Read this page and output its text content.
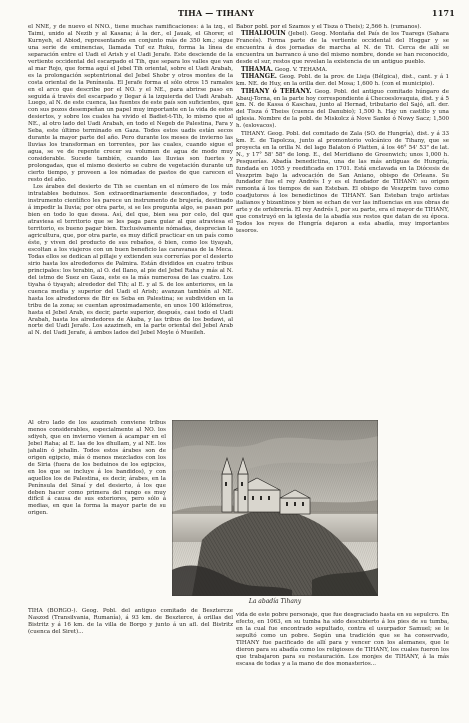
TIHA — TIHANY	1171

el NNE, y de nuevo el NNO., tiene muchas ramificaciones: á la izq., el Taimi, unido al Nezib y al Kasana; á la der., el Jauak, el Ghorer, el Kurnyeh, el Abiod, representando en conjunto más de 350 km.; sigue una serie de eminencias, llamada Tuf ez Ruku, forma la línea de separación entre el Uadi el Arish y el Uadi Jerafe. Este desciende de la vertiente occidental del escarpado el Tih, que separa los valles que van al mar Rojo, que forma aquí el Jebel Tih oriental, sobre el Uadi Arabah, es la prolongación septentrional del Jebel Shobr y otros montes de la costa oriental de la Península. El Jerafe forma el sólo otros 15 ramales en el arco que describe por el NO. y el NE., para abrirse paso en seguida á través del escarpado y llegar á la izquierda del Uadi Arabah. Luego, al N. de este cuenca, las fuentes de este país son suficientes, que con sus pozos desempeñan un papel muy importante en la vida de estos desiertos, y sobre los cuales ha vivido el Badiet-t-Tih, lo mismo que al NE., al otro lado del Uadi Arabah, en todo el Negeb de Palestina, Fara y Seba, este último terminado en Gaza. Todos estos uadis están secos durante la mayor parte del año. Pero durante los meses de invierno las lluvias los transforman en torrentes, por las cuales, cuando sigue el agua, se ve de repente crecer su volumen de agua de modo muy considerable. Sucede también, cuando las lluvias son fuertes y prolongadas, que el mismo desierto se cubre de vegetación durante un cierto tiempo, y proveen a los nómadas de pastos de que carecen el resto del año.

Los árabes del desierto de Tih se cuentan en el número de los más intratables beduinos. Son extraordinariamente desconfiados, y todo instrumento científico les parece un instrumento de brujería, destinado á impedir la lluvia; por otra parte, si se les pregunta algo, se pasan por bien en todo lo que desea. Así, del que, bien sea por celo, del que atraviesa el territorio que se les paga para guiar al que atraviesa el territorio, es bueno pagar bien. Exclusivamente nómadas, desprecian la agricultura, que, por otra parte, es muy difícil practicar en un país como éste, y viven del producto de sus rebaños, ó bien, como los tiyayah, escoltan a los viajeros con un buen beneficio las caravanas de la Meca. Todas ellos se dedican al pillaje y extienden sus correrías por el desierto sirio hasta los alrededores de Palmira. Están divididos en cuatro tribus principales: los terabin, al O. del Ilano, al pie del Jebel Raha y más al N. del istmo de Suez en Gaza, este es la más numerosa de las cuatro. Los tiyaha ó tiyayah; alrededor del Tih; al E. y al S. de los anteriores, en la cuenca media y superior del Uadi el Arish; avanzan también al NE. hasta los alrededores de Bir es Seba en Palestina; se subdividen en la tribu de la zona; se cuentan aproximadamente, en unos 100 kilómetros, hasta el Jebel Arab, es decir, parte superior, después, casi todo el Uadi Arabah, hasta los alrededores de Akaba, y las tribus de los bedawi, al norte del Uadi Jerafe. Los azazimeh, en la parte oriental del Jebel Arab al N. del Uadi Jerafe, á ambos lados del Jebel Moyle ó Mueileh.

Al otro lado de los azazimeh conviene tribus menos considerables, especialmente al NO. los sdiyeh, que en invierno vienen á acampar en el Jebel Raha; al E. las de los dhullam, y al NE. los jahalin ó jehalin. Todos estos árabes son de origen egipcio, más ó menos mezclados con los de Siria (fuera de los beduinos de los egipcios, en los que se incluye á los bandidos), y con aquellos los de Palestina, es decir, árabes, en la Península del Sinaí y del desierto, á los que deben hacer como primera del rango es muy difícil á causa de sus exteriores, pero sólo á medias, en que la forma la mayor parte de su origen.

TIHA (BORGO-). Geog. Pobl. del antiguo comitado de Besztercze Naszod (Transilvania, Rumanía), á 93 km. de Beszterce, á orillas del Bistritz y á 16 km. de la villa de Borgo y junto á un afl. del Bistritz (cuenca del Siret)...

Babor pobl. por el Szamos y el Tisza ó Theis); 2,566 h. (rumanos).

TIHALIOUIN (Jebel). Geog. Montaña del País de los Tuaregs (Sahara Francés). Forma parte de la vertiente occidental del Hoggar y se encuentra á dos jornadas de marcha al N. de Tit. Cerca de allí se encuentra un barranco á uno del mismo nombre, donde se han reconocido, desde el sur, restos que revelan la existencia de un antiguo pueblo.

TIHAMA. Geog. V. TEHAMA.

TIHANGE. Geog. Pobl. de la prov. de Lieja (Bélgica), dist., cant. y á 1 km. NE. de Huy, en la orilla der. del Mosa; 1,600 h. (con el municipio).

TIHANY ó TEHANY. Geog. Pobl. del antiguo comitado húngaro de Abauj-Torna, en la parte hoy correspondiente á Checoeslovaquia, dist. y á 5 km. N. de Kassa ó Kaschau, junto al Hernad, tributario del Sajó, afl. der. del Tisza ó Theiss (cuenca del Danubio); 1,500 h. Hay un castillo y una iglesia. Nombre de la pobl. de Miskolcz á Nove Sanke ó Nowy Sacz; 1,500 h. (eslovacos).

TIHANY. Geog. Pobl. del comitado de Zala (SO. de Hungría), dist. y á 33 km. E. de Tapolcza, junto al promontorio volcánico de Tihany, que se proyecta en la orilla N. del lago Balaton ó Platten, á los 46° 54' 53" de lat. N., y 17° 58' 58" de long. E., del Meridiano de Greenwich; unos 1,000 h. Pesquerías. Abadía benedictina, una de las más antiguas de Hungría, fundada en 1055 y reedificada en 1701. Está enclavada en la Diócesis de Veszprim bajo la advocación de San Aniano, obispo de Orleans. Su fundador fue el rey Andrés I y es el fundador de TIHANY: su origen remonta á los tiempos de san Esteban. El obispo de Veszprim tuvo como coadjutores á los benedictinos de TIHANY. San Esteban trajo artistas italianos y bizantinos y bien se echan de ver las influencias en sus obras de arte y de orfebrería. El rey Andrés I, por su parte, era el mayor de TIHANY, que construyó en la iglesia de la abadía sus restos que datan de su época. Todos los reyes de Hungría dejaron a esta abadía, muy importantes tesoros.

vida de este pobre personaje, que fue desgraciado hasta en su sepulcro. En efecto, en 1063, en su tumba ha sido descubierto á los pies de su tumba, en la cual fue encontrado sepultado, contra el usurpador Samuel; se le sepultó como un pobre. Según una tradición que se ha conservado, TIHANY fue pacificado de allí para y vencer con los alemanes, que le dieron para su abadía como los religiosos de TIHANY, los cuales fueron los que trabajaron para su restauración. Los monjes de TIHANY, á la más escasa de todas y a la mano de dos monasterios...

La abadía Tihany
